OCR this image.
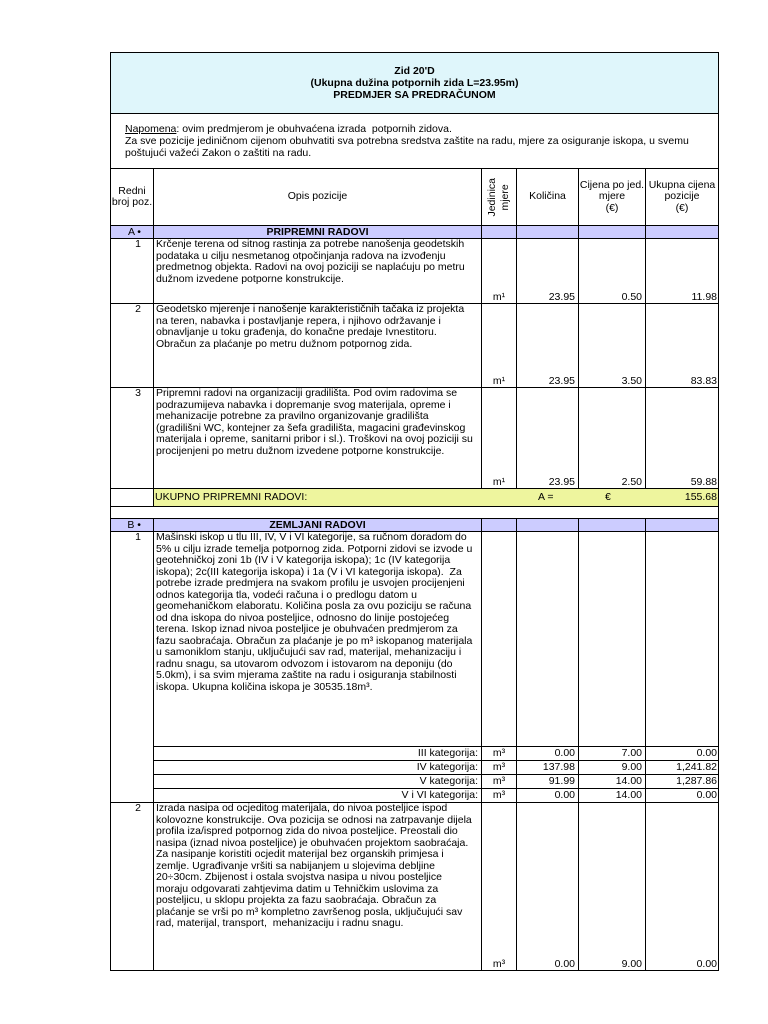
Zid 20'D
(Ukupna dužina potpornih zida L=23.95m)
PREDMJER SA PREDRAČUNOM
Napomena: ovim predmjerom je obuhvaćena izrada  potpornih zidova.
Za sve pozicije jediničnom cijenom obuhvatiti sva potrebna sredstva zaštite na radu, mjere za osiguranje iskopa, u svemu
poštujući važeći Zakon o zaštiti na radu.
Redni
broj poz.	Opis pozicije	Jedinica
mjere	Količina
Cijena po jed.
mjere
(€)
Ukupna cijena
pozicije
(€)
A •	PRIPREMNI RADOVI
1	Krčenje terena od sitnog rastinja za potrebe nanošenja geodetskih
podataka u cilju nesmetanog otpočinjanja radova na izvođenju
predmetnog objekta. Radovi na ovoj poziciji se naplaćuju po metru
dužnom izvedene potporne konstrukcije.
m¹	23.95	0.50	11.98
2	Geodetsko mjerenje i nanošenje karakterističnih tačaka iz projekta
na teren, nabavka i postavljanje repera, i njihovo održavanje i
obnavljanje u toku građenja, do konačne predaje Ivnestitoru.
Obračun za plaćanje po metru dužnom potpornog zida.
m¹	23.95	3.50	83.83
3	Pripremni radovi na organizaciji gradilišta. Pod ovim radovima se
podrazumijeva nabavka i dopremanje svog materijala, opreme i
mehanizacije potrebne za pravilno organizovanje gradilišta
(gradilišni WC, kontejner za šefa gradilišta, magacini građevinskog
materijala i opreme, sanitarni pribor i sl.). Troškovi na ovoj poziciji su
procijenjeni po metru dužnom izvedene potporne konstrukcije.
m¹	23.95	2.50	59.88
UKUPNO PRIPREMNI RADOVI:	A =	€	155.68
B •	ZEMLJANI RADOVI
1	Mašinski iskop u tlu III, IV, V i VI kategorije, sa ručnom doradom do
5% u cilju izrade temelja potpornog zida. Potporni zidovi se izvode u
geotehničkoj zoni 1b (IV i V kategorija iskopa); 1c (IV kategorija
iskopa); 2c(III kategorija iskopa) i 1a (V i VI kategorija iskopa).  Za
potrebe izrade predmjera na svakom profilu je usvojen procijenjeni
odnos kategorija tla, vodeći računa i o predlogu datom u
geomehaničkom elaboratu. Količina posla za ovu poziciju se računa
od dna iskopa do nivoa posteljice, odnosno do linije postojećeg
terena. Iskop iznad nivoa posteljice je obuhvaćen predmjerom za
fazu saobraćaja. Obračun za plaćanje je po m³ iskopanog materijala
u samoniklom stanju, uključujući sav rad, materijal, mehanizaciju i
radnu snagu, sa utovarom odvozom i istovarom na deponiju (do
5.0km), i sa svim mjerama zaštite na radu i osiguranja stabilnosti
iskopa. Ukupna količina iskopa je 30535.18m³.
III kategorija:	m³	0.00	7.00	0.00
IV kategorija:	m³	137.98	9.00	1,241.82
V kategorija:	m³	91.99	14.00	1,287.86
V i VI kategorija:	m³	0.00	14.00	0.00
2	Izrada nasipa od ocjeditog materijala, do nivoa posteljice ispod
kolovozne konstrukcije. Ova pozicija se odnosi na zatrpavanje dijela
profila iza/ispred potpornog zida do nivoa posteljice. Preostali dio
nasipa (iznad nivoa posteljice) je obuhvaćen projektom saobraćaja.
Za nasipanje koristiti ocjedit materijal bez organskih primjesa i
zemlje. Ugrađivanje vršiti sa nabijanjem u slojevima debljine
20÷30cm. Zbijenost i ostala svojstva nasipa u nivou posteljice
moraju odgovarati zahtjevima datim u Tehničkim uslovima za
posteljicu, u sklopu projekta za fazu saobraćaja. Obračun za
plaćanje se vrši po m³ kompletno završenog posla, uključujući sav
rad, materijal, transport,  mehanizaciju i radnu snagu.
m³	0.00	9.00	0.00
